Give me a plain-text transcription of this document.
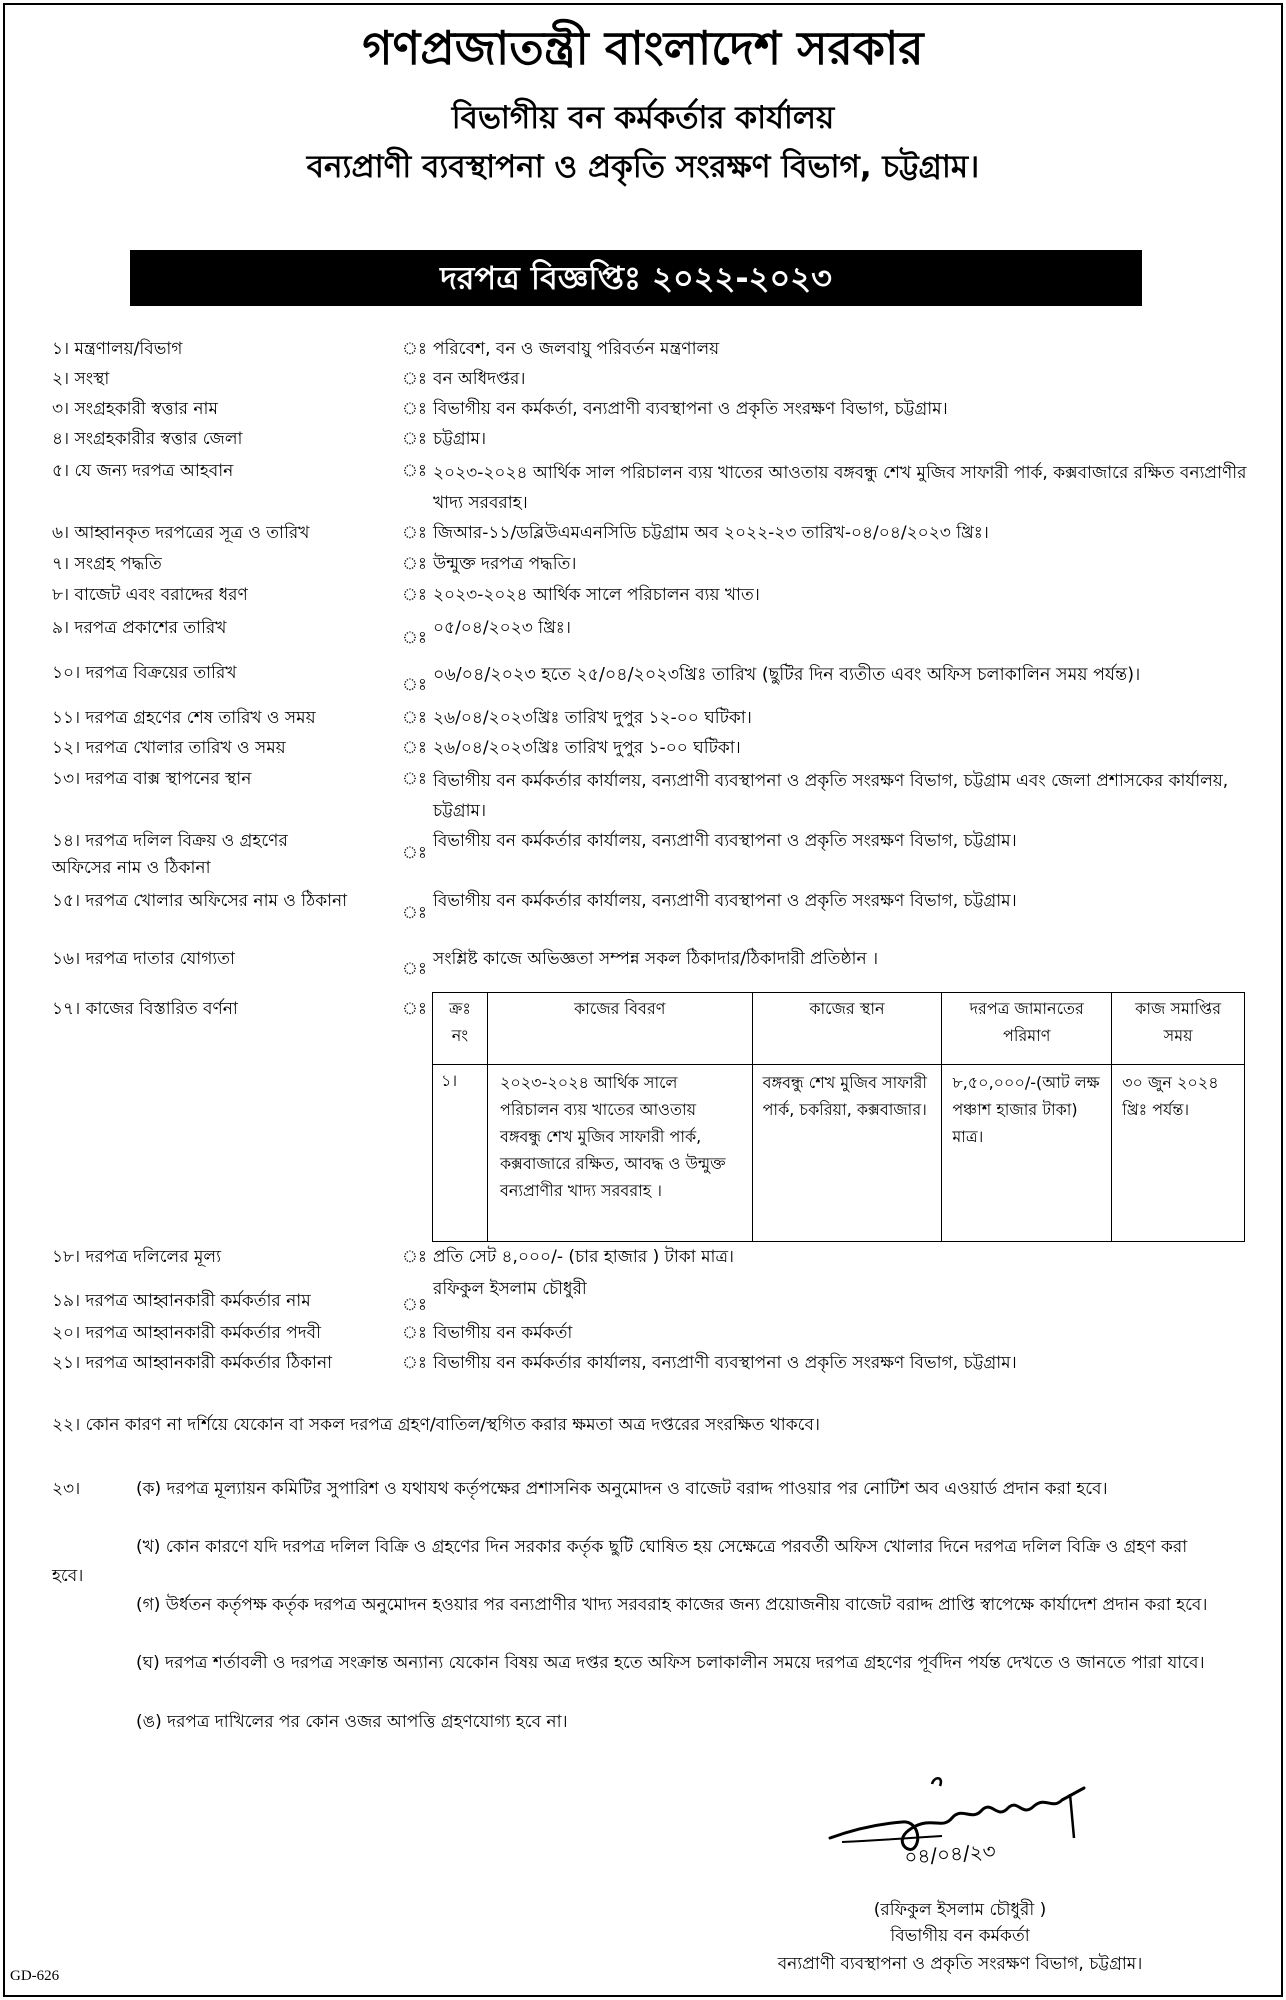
গণপ্রজাতন্ত্রী বাংলাদেশ সরকার
বিভাগীয় বন কর্মকর্তার কার্যালয়
বন্যপ্রাণী ব্যবস্থাপনা ও প্রকৃতি সংরক্ষণ বিভাগ, চট্টগ্রাম।
দরপত্র বিজ্ঞপ্তিঃ ২০২২-২০২৩
১। মন্ত্রণালয়/বিভাগ	ঃ পরিবেশ, বন ও জলবায়ু পরিবর্তন মন্ত্রণালয়
২। সংস্থা	ঃ বন অধিদপ্তর।
৩। সংগ্রহকারী স্বত্তার নাম	ঃ বিভাগীয় বন কর্মকর্তা, বন্যপ্রাণী ব্যবস্থাপনা ও প্রকৃতি সংরক্ষণ বিভাগ, চট্টগ্রাম।
৪। সংগ্রহকারীর স্বত্তার জেলা	ঃ চট্টগ্রাম।
৫। যে জন্য দরপত্র আহবান	ঃ ২০২৩-২০২৪ আর্থিক সাল পরিচালন ব্যয় খাতের আওতায় বঙ্গবন্ধু শেখ মুজিব সাফারী পার্ক, কক্সবাজারে রক্ষিত বন্যপ্রাণীর খাদ্য সরবরাহ।
৬। আহ্বানকৃত দরপত্রের সূত্র ও তারিখ	ঃ জিআর-১১/ডব্লিউএমএনসিডি চট্টগ্রাম অব ২০২২-২৩ তারিখ-০৪/০৪/২০২৩ খ্রিঃ।
৭। সংগ্রহ পদ্ধতি	ঃ উন্মুক্ত দরপত্র পদ্ধতি।
৮। বাজেট এবং বরাদ্দের ধরণ	ঃ ২০২৩-২০২৪ আর্থিক সালে পরিচালন ব্যয় খাত।
৯। দরপত্র প্রকাশের তারিখ	ঃ ০৫/০৪/২০২৩ খ্রিঃ।
১০। দরপত্র বিক্রয়ের তারিখ
ঃ ০৬/০৪/২০২৩ হতে ২৫/০৪/২০২৩খ্রিঃ তারিখ (ছুটির দিন ব্যতীত এবং অফিস চলাকালিন সময় পর্যন্ত)।
১১। দরপত্র গ্রহণের শেষ তারিখ ও সময়	ঃ ২৬/০৪/২০২৩খ্রিঃ তারিখ দুপুর ১২-০০ ঘটিকা।
১২। দরপত্র খোলার তারিখ ও সময়	ঃ ২৬/০৪/২০২৩খ্রিঃ তারিখ দুপুর ১-০০ ঘটিকা।
১৩। দরপত্র বাক্স স্থাপনের স্থান	ঃ বিভাগীয় বন কর্মকর্তার কার্যালয়, বন্যপ্রাণী ব্যবস্থাপনা ও প্রকৃতি সংরক্ষণ বিভাগ, চট্টগ্রাম এবং জেলা প্রশাসকের কার্যালয়, চট্টগ্রাম।
১৪। দরপত্র দলিল বিক্রয় ও গ্রহণের অফিসের নাম ও ঠিকানা
ঃ
বিভাগীয় বন কর্মকর্তার কার্যালয়, বন্যপ্রাণী ব্যবস্থাপনা ও প্রকৃতি সংরক্ষণ বিভাগ, চট্টগ্রাম।
১৫। দরপত্র খোলার অফিসের নাম ও ঠিকানা
ঃ
বিভাগীয় বন কর্মকর্তার কার্যালয়, বন্যপ্রাণী ব্যবস্থাপনা ও প্রকৃতি সংরক্ষণ বিভাগ, চট্টগ্রাম।
১৬। দরপত্র দাতার যোগ্যতা	ঃ সংশ্লিষ্ট কাজে অভিজ্ঞতা সম্পন্ন সকল ঠিকাদার/ঠিকাদারী প্রতিষ্ঠান ।
১৭। কাজের বিস্তারিত বর্ণনা	ঃ ক্রঃ নং	কাজের বিবরণ	কাজের স্থান	দরপত্র জামানতের পরিমাণ	কাজ সমাপ্তির সময়
১।	২০২৩-২০২৪ আর্থিক সালে পরিচালন ব্যয় খাতের আওতায় বঙ্গবন্ধু শেখ মুজিব সাফারী পার্ক, কক্সবাজারে রক্ষিত, আবদ্ধ ও উন্মুক্ত বন্যপ্রাণীর খাদ্য সরবরাহ ।	বঙ্গবন্ধু শেখ মুজিব সাফারী পার্ক, চকরিয়া, কক্সবাজার।	৮,৫০,০০০/-(আট লক্ষ পঞ্চাশ হাজার টাকা) মাত্র।	৩০ জুন ২০২৪ খ্রিঃ পর্যন্ত।
১৮। দরপত্র দলিলের মূল্য	ঃ প্রতি সেট ৪,০০০/- (চার হাজার ) টাকা মাত্র।
১৯। দরপত্র আহ্বানকারী কর্মকর্তার নাম	ঃ
রফিকুল ইসলাম চৌধুরী
২০। দরপত্র আহ্বানকারী কর্মকর্তার পদবী	ঃ বিভাগীয় বন কর্মকর্তা
২১। দরপত্র আহ্বানকারী কর্মকর্তার ঠিকানা	ঃ বিভাগীয় বন কর্মকর্তার কার্যালয়, বন্যপ্রাণী ব্যবস্থাপনা ও প্রকৃতি সংরক্ষণ বিভাগ, চট্টগ্রাম।
২২। কোন কারণ না দর্শিয়ে যেকোন বা সকল দরপত্র গ্রহণ/বাতিল/স্থগিত করার ক্ষমতা অত্র দপ্তরের সংরক্ষিত থাকবে।
২৩।	(ক) দরপত্র মূল্যায়ন কমিটির সুপারিশ ও যথাযথ কর্তৃপক্ষের প্রশাসনিক অনুমোদন ও বাজেট বরাদ্দ পাওয়ার পর নোটিশ অব এওয়ার্ড প্রদান করা হবে।
(খ) কোন কারণে যদি দরপত্র দলিল বিক্রি ও গ্রহণের দিন সরকার কর্তৃক ছুটি ঘোষিত হয় সেক্ষেত্রে পরবর্তী অফিস খোলার দিনে দরপত্র দলিল বিক্রি ও গ্রহণ করা হবে।
(গ) উর্ধতন কর্তৃপক্ষ কর্তৃক দরপত্র অনুমোদন হওয়ার পর বন্যপ্রাণীর খাদ্য সরবরাহ কাজের জন্য প্রয়োজনীয় বাজেট বরাদ্দ প্রাপ্তি স্বাপেক্ষে কার্যাদেশ প্রদান করা হবে।
(ঘ) দরপত্র শর্তাবলী ও দরপত্র সংক্রান্ত অন্যান্য যেকোন বিষয় অত্র দপ্তর হতে অফিস চলাকালীন সময়ে দরপত্র গ্রহণের পূর্বদিন পর্যন্ত দেখতে ও জানতে পারা যাবে।
(ঙ) দরপত্র দাখিলের পর কোন ওজর আপত্তি গ্রহণযোগ্য হবে না।
০৪/০৪/২৩
(রফিকুল ইসলাম চৌধুরী )
বিভাগীয় বন কর্মকর্তা
বন্যপ্রাণী ব্যবস্থাপনা ও প্রকৃতি সংরক্ষণ বিভাগ, চট্টগ্রাম।
GD-626
